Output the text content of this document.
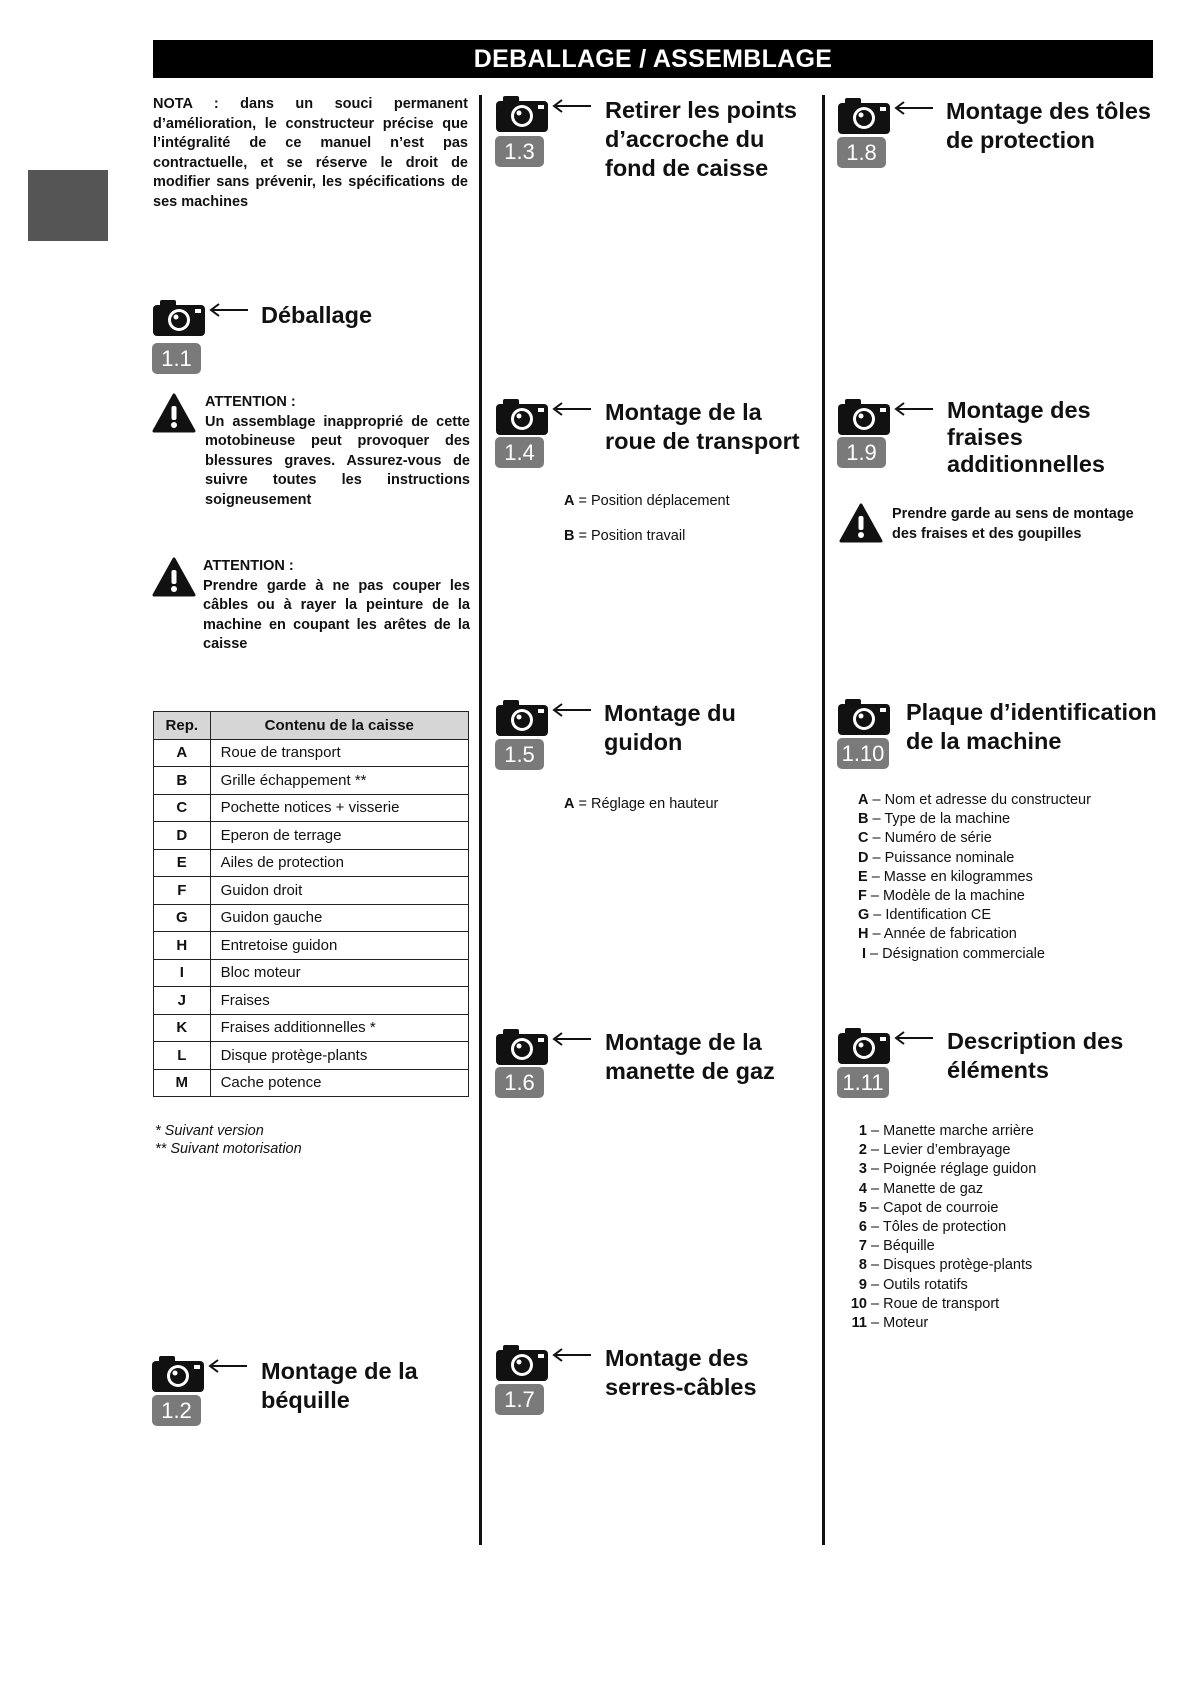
DEBALLAGE / ASSEMBLAGE
NOTA : dans un souci permanent d’amélioration, le constructeur précise que l’intégralité de ce manuel n’est pas contractuelle, et se réserve le droit de modifier sans prévenir, les spécifications de ses machines
1.1
Déballage
ATTENTION :
Un assemblage inapproprié de cette motobineuse peut provoquer des blessures graves. Assurez-vous de suivre toutes les instructions soigneusement
ATTENTION :
Prendre garde à ne pas couper les câbles ou à rayer la peinture de la machine en coupant les arêtes de la caisse
Rep.	Contenu de la caisse
A	Roue de transport
B	Grille échappement **
C	Pochette notices + visserie
D	Eperon de terrage
E	Ailes de protection
F	Guidon droit
G	Guidon gauche
H	Entretoise guidon
I	Bloc moteur
J	Fraises
K	Fraises additionnelles *
L	Disque protège-plants
M	Cache potence
* Suivant version
** Suivant motorisation
1.2
Montage de la béquille
1.3
Retirer les points d’accroche du fond de caisse
1.4
Montage de la roue de transport
A = Position déplacement
B = Position travail
1.5
Montage du guidon
A = Réglage en hauteur
1.6
Montage de la manette de gaz
1.7
Montage des serres-câbles
1.8
Montage des tôles de protection
1.9
Montage des fraises additionnelles
Prendre garde au sens de montage des fraises et des goupilles
1.10
Plaque d’identification de la machine
A – Nom et adresse du constructeur
B – Type de la machine
C – Numéro de série
D – Puissance nominale
E – Masse en kilogrammes
F – Modèle de la machine
G – Identification CE
H – Année de fabrication
I – Désignation commerciale
1.11
Description des éléments
1 – Manette marche arrière
2 – Levier d’embrayage
3 – Poignée réglage guidon
4 – Manette de gaz
5 – Capot de courroie
6 – Tôles de protection
7 – Béquille
8 – Disques protège-plants
9 – Outils rotatifs
10 – Roue de transport
11 – Moteur
